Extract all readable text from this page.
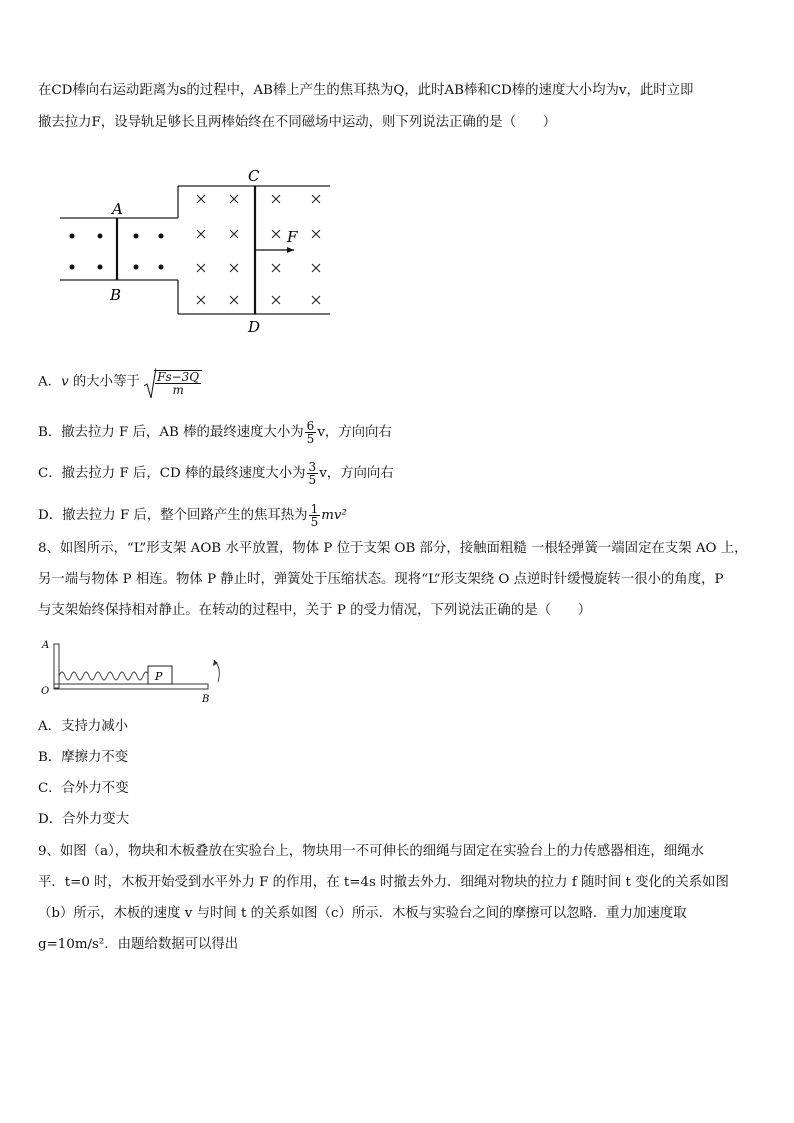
在CD棒向右运动距离为s的过程中，AB棒上产生的焦耳热为Q，此时AB棒和CD棒的速度大小均为v，此时立即
撤去拉力F，设导轨足够长且两棒始终在不同磁场中运动，则下列说法正确的是（　　）
A
B
C
D
F
A．v 的大小等于 $\frac{Fs-3Q}{m}$
B．撤去拉力 F 后，AB 棒的最终速度大小为 $\frac{6}{5}$ v，方向向右
C．撤去拉力 F 后，CD 棒的最终速度大小为 $\frac{3}{5}$ v，方向向右
D．撤去拉力 F 后，整个回路产生的焦耳热为 $\frac{1}{5} mv^2$
8、如图所示，“L”形支架 AOB 水平放置，物体 P 位于支架 OB 部分，接触面粗糙 一根轻弹簧一端固定在支架 AO 上，
另一端与物体 P 相连。物体 P 静止时，弹簧处于压缩状态。现将“L”形支架绕 O 点逆时针缓慢旋转一很小的角度，P
与支架始终保持相对静止。在转动的过程中，关于 P 的受力情况，下列说法正确的是（　　）
P
A
O
B
A．支持力减小
B．摩擦力不变
C．合外力不变
D．合外力变大
9、如图（a），物块和木板叠放在实验台上，物块用一不可伸长的细绳与固定在实验台上的力传感器相连，细绳水
平．t=0 时，木板开始受到水平外力 F 的作用，在 t=4s 时撤去外力．细绳对物块的拉力 f 随时间 t 变化的关系如图
（b）所示，木板的速度 v 与时间 t 的关系如图（c）所示．木板与实验台之间的摩擦可以忽略．重力加速度取
g=10m/s²．由题给数据可以得出
